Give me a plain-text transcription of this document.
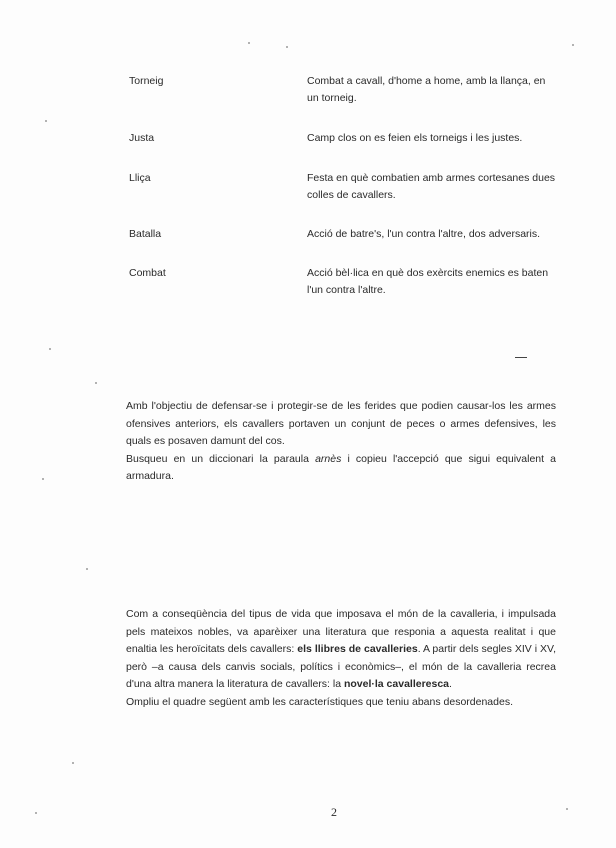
Torneig	Combat a cavall, d'home a home, amb la llança, en un torneig.
Justa	Camp clos on es feien els torneigs i les justes.
Lliça	Festa en què combatien amb armes cortesanes dues colles de cavallers.
Batalla	Acció de batre's, l'un contra l'altre, dos adversaris.
Combat	Acció bèl·lica en què dos exèrcits enemics es baten l'un contra l'altre.
Amb l'objectiu de defensar-se i protegir-se de les ferides que podien causar-los les armes ofensives anteriors, els cavallers portaven un conjunt de peces o armes defensives, les quals es posaven damunt del cos.
Busqueu en un diccionari la paraula arnès i copieu l'accepció que sigui equivalent a armadura.
Com a conseqüència del tipus de vida que imposava el món de la cavalleria, i impulsada pels mateixos nobles, va aparèixer una literatura que responia a aquesta realitat i que enaltia les heroïcitats dels cavallers: els llibres de cavalleries. A partir dels segles XIV i XV, però –a causa dels canvis socials, polítics i econòmics–, el món de la cavalleria recrea d'una altra manera la literatura de cavallers: la novel·la cavalleresca.
Ompliu el quadre següent amb les característiques que teniu abans desordenades.
2
